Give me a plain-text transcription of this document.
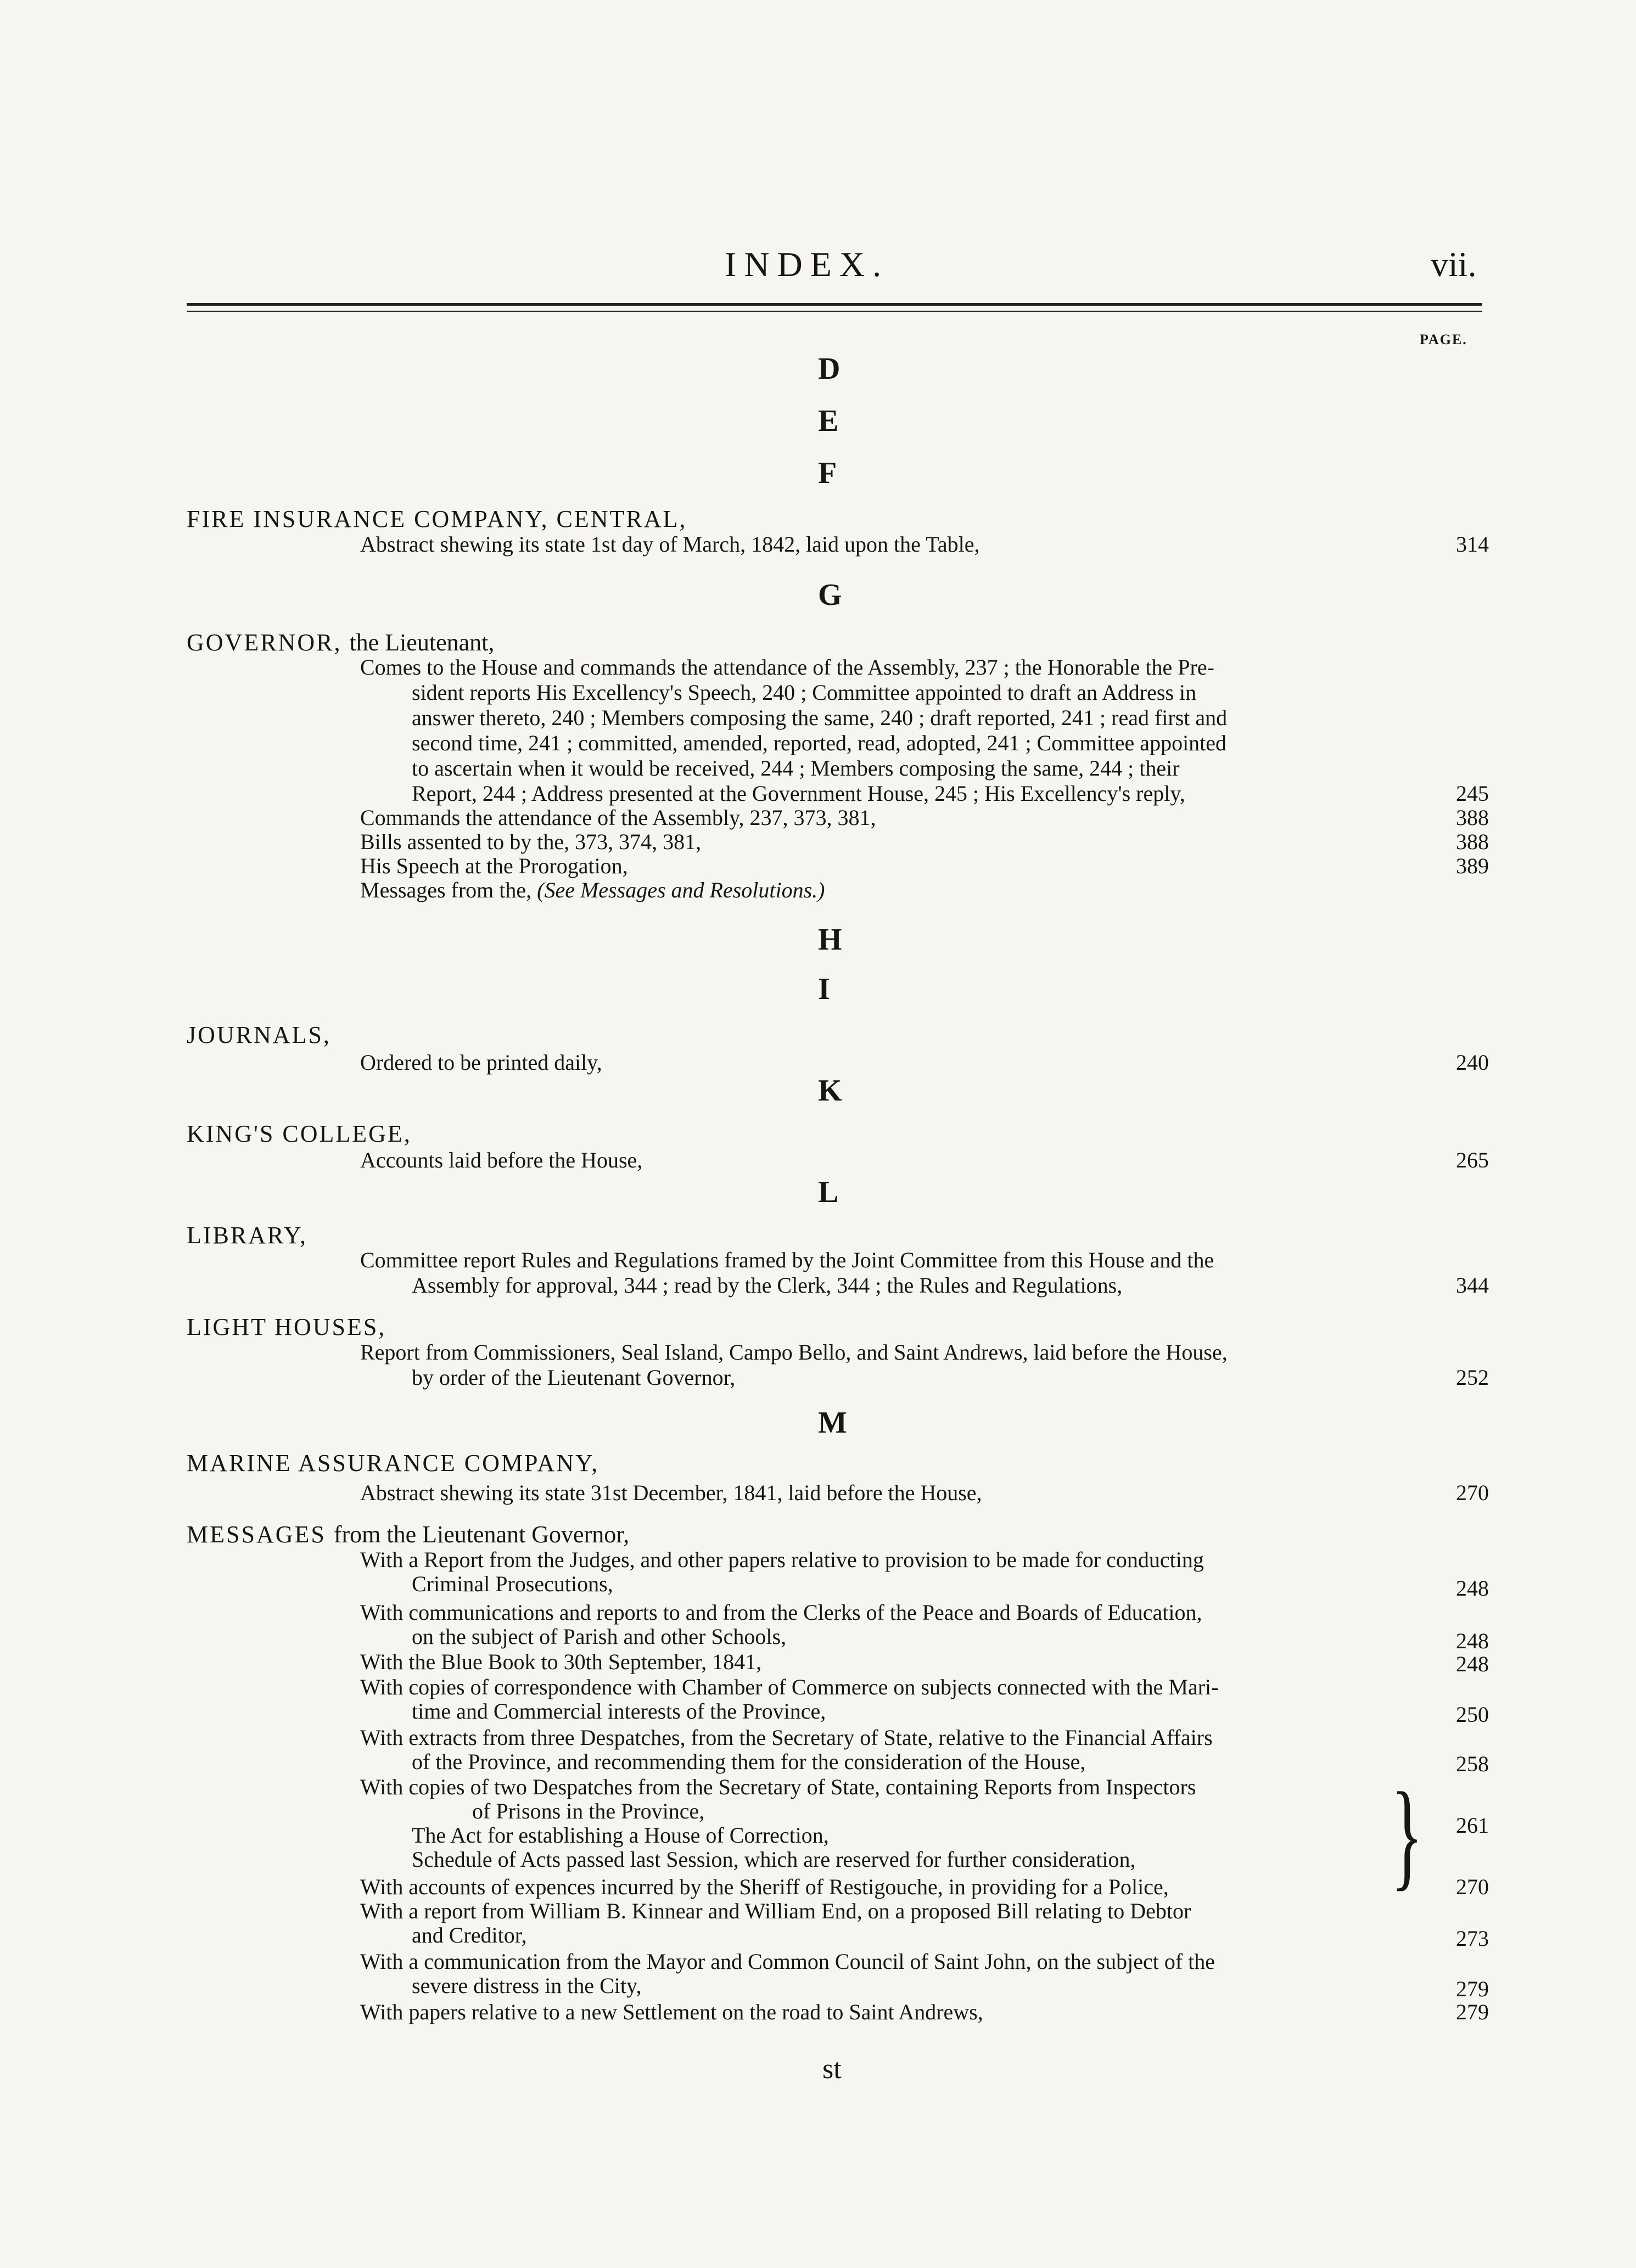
INDEX.	vii.
PAGE.
D
E
F
FIRE INSURANCE COMPANY, CENTRAL,
Abstract shewing its state 1st day of March, 1842, laid upon the Table,	314
G
GOVERNOR, the Lieutenant,
Comes to the House and commands the attendance of the Assembly, 237 ; the Honorable the Pre-
sident reports His Excellency's Speech, 240 ; Committee appointed to draft an Address in
answer thereto, 240 ; Members composing the same, 240 ; draft reported, 241 ; read first and
second time, 241 ; committed, amended, reported, read, adopted, 241 ; Committee appointed
to ascertain when it would be received, 244 ; Members composing the same, 244 ; their
Report, 244 ; Address presented at the Government House, 245 ; His Excellency's reply,	245
Commands the attendance of the Assembly, 237, 373, 381,	388
Bills assented to by the, 373, 374, 381,	388
His Speech at the Prorogation,	389
Messages from the, (See Messages and Resolutions.)
H
I
JOURNALS,
Ordered to be printed daily,	240
K
KING'S COLLEGE,
Accounts laid before the House,	265
L
LIBRARY,
Committee report Rules and Regulations framed by the Joint Committee from this House and the
Assembly for approval, 344 ; read by the Clerk, 344 ; the Rules and Regulations,	344
LIGHT HOUSES,
Report from Commissioners, Seal Island, Campo Bello, and Saint Andrews, laid before the House,
by order of the Lieutenant Governor,	252
M
MARINE ASSURANCE COMPANY,
Abstract shewing its state 31st December, 1841, laid before the House,	270
MESSAGES from the Lieutenant Governor,
With a Report from the Judges, and other papers relative to provision to be made for conducting
Criminal Prosecutions,	248
With communications and reports to and from the Clerks of the Peace and Boards of Education,
on the subject of Parish and other Schools,	248
With the Blue Book to 30th September, 1841,	248
With copies of correspondence with Chamber of Commerce on subjects connected with the Mari-
time and Commercial interests of the Province,	250
With extracts from three Despatches, from the Secretary of State, relative to the Financial Affairs
of the Province, and recommending them for the consideration of the House,	258
With copies of two Despatches from the Secretary of State, containing Reports from Inspectors
of Prisons in the Province,
The Act for establishing a House of Correction,
Schedule of Acts passed last Session, which are reserved for further consideration, } 261
With accounts of expences incurred by the Sheriff of Restigouche, in providing for a Police,	270
With a report from William B. Kinnear and William End, on a proposed Bill relating to Debtor
and Creditor,	273
With a communication from the Mayor and Common Council of Saint John, on the subject of the
severe distress in the City,	279
With papers relative to a new Settlement on the road to Saint Andrews,	279
st
